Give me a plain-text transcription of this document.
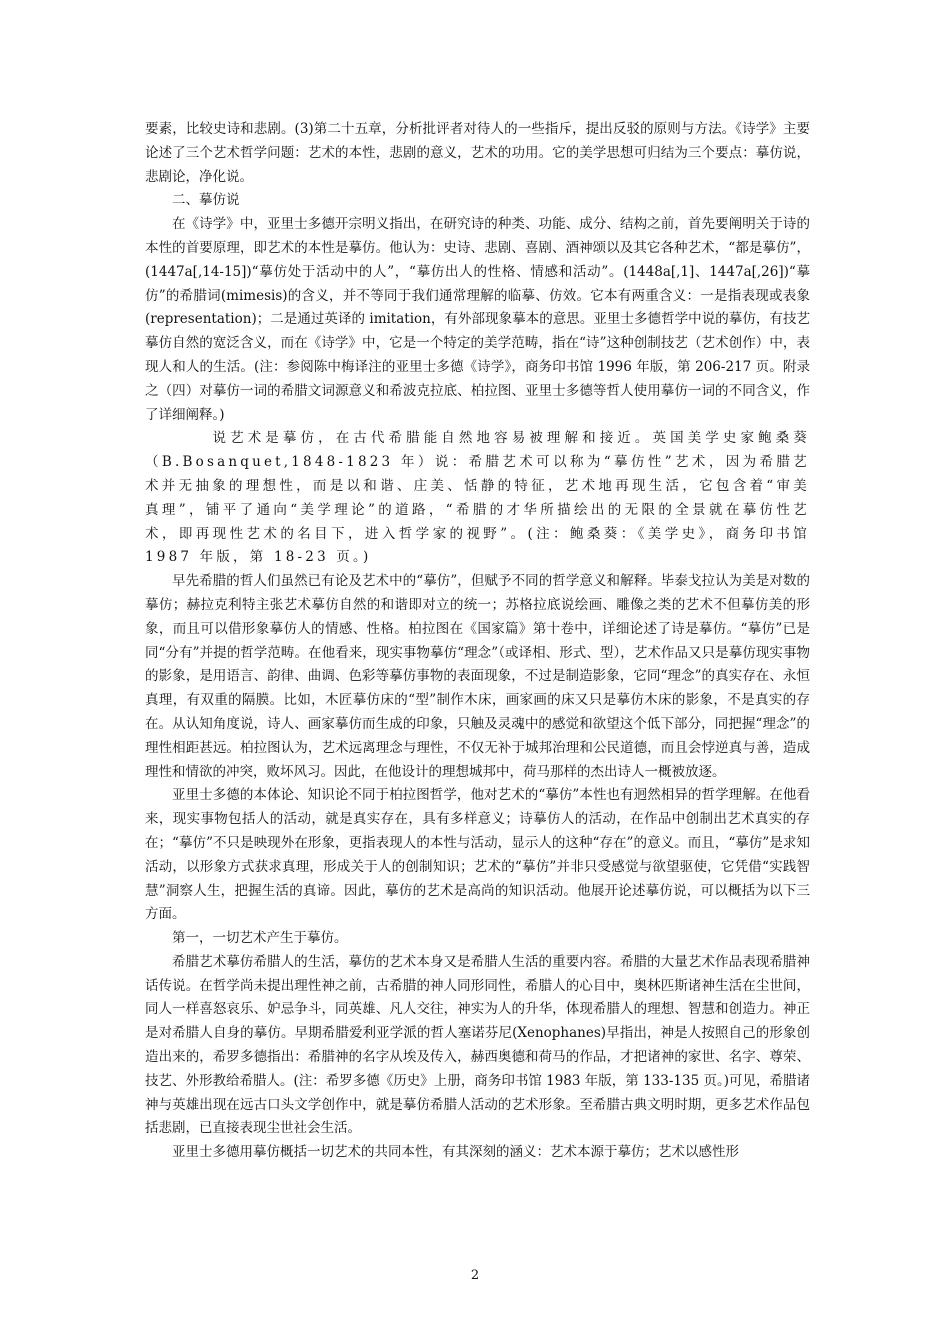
要素，比较史诗和悲剧。(3)第二十五章，分析批评者对待人的一些指斥，提出反驳的原则与方法。《诗学》主要论述了三个艺术哲学问题：艺术的本性，悲剧的意义，艺术的功用。它的美学思想可归结为三个要点：摹仿说，悲剧论，净化说。

二、摹仿说

在《诗学》中，亚里士多德开宗明义指出，在研究诗的种类、功能、成分、结构之前，首先要阐明关于诗的本性的首要原理，即艺术的本性是摹仿。他认为：史诗、悲剧、喜剧、酒神颂以及其它各种艺术，“都是摹仿”，(1447a[,14-15])“摹仿处于活动中的人”，“摹仿出人的性格、情感和活动”。(1448a[,1]、1447a[,26])“摹仿”的希腊词(mimesis)的含义，并不等同于我们通常理解的临摹、仿效。它本有两重含义：一是指表现或表象(representation)；二是通过英译的 imitation，有外部现象摹本的意思。亚里士多德哲学中说的摹仿，有技艺摹仿自然的宽泛含义，而在《诗学》中，它是一个特定的美学范畴，指在“诗”这种创制技艺（艺术创作）中，表现人和人的生活。(注：参阅陈中梅译注的亚里士多德《诗学》，商务印书馆 1996 年版，第 206-217 页。附录之（四）对摹仿一词的希腊文词源意义和希波克拉底、柏拉图、亚里士多德等哲人使用摹仿一词的不同含义，作了详细阐释。)

说艺术是摹仿，在古代希腊能自然地容易被理解和接近。英国美学史家鲍桑葵（B.Bosanquet,1848-1823 年）说：希腊艺术可以称为“摹仿性”艺术，因为希腊艺术并无抽象的理想性，而是以和谐、庄美、恬静的特征，艺术地再现生活，它包含着“审美真理”，铺平了通向“美学理论”的道路，“希腊的才华所描绘出的无限的全景就在摹仿性艺术，即再现性艺术的名目下，进入哲学家的视野”。(注：鲍桑葵：《美学史》，商务印书馆 1987 年版，第 18-23 页。)

早先希腊的哲人们虽然已有论及艺术中的“摹仿”，但赋予不同的哲学意义和解释。毕泰戈拉认为美是对数的摹仿；赫拉克利特主张艺术摹仿自然的和谐即对立的统一；苏格拉底说绘画、雕像之类的艺术不但摹仿美的形象，而且可以借形象摹仿人的情感、性格。柏拉图在《国家篇》第十卷中，详细论述了诗是摹仿。“摹仿”已是同“分有”并提的哲学范畴。在他看来，现实事物摹仿“理念”（或译相、形式、型），艺术作品又只是摹仿现实事物的影象，是用语言、韵律、曲调、色彩等摹仿事物的表面现象，不过是制造影象，它同“理念”的真实存在、永恒真理，有双重的隔膜。比如，木匠摹仿床的“型”制作木床，画家画的床又只是摹仿木床的影象，不是真实的存在。从认知角度说，诗人、画家摹仿而生成的印象，只触及灵魂中的感觉和欲望这个低下部分，同把握“理念”的理性相距甚远。柏拉图认为，艺术远离理念与理性，不仅无补于城邦治理和公民道德，而且会悖逆真与善，造成理性和情欲的冲突，败坏风习。因此，在他设计的理想城邦中，荷马那样的杰出诗人一概被放逐。

亚里士多德的本体论、知识论不同于柏拉图哲学，他对艺术的“摹仿”本性也有迥然相异的哲学理解。在他看来，现实事物包括人的活动，就是真实存在，具有多样意义；诗摹仿人的活动，在作品中创制出艺术真实的存在；“摹仿”不只是映现外在形象，更指表现人的本性与活动，显示人的这种“存在”的意义。而且，“摹仿”是求知活动，以形象方式获求真理，形成关于人的创制知识；艺术的“摹仿”并非只受感觉与欲望驱使，它凭借“实践智慧”洞察人生，把握生活的真谛。因此，摹仿的艺术是高尚的知识活动。他展开论述摹仿说，可以概括为以下三方面。

第一，一切艺术产生于摹仿。

希腊艺术摹仿希腊人的生活，摹仿的艺术本身又是希腊人生活的重要内容。希腊的大量艺术作品表现希腊神话传说。在哲学尚未提出理性神之前，古希腊的神人同形同性，希腊人的心目中，奥林匹斯诸神生活在尘世间，同人一样喜怒哀乐、妒忌争斗，同英雄、凡人交往，神实为人的升华，体现希腊人的理想、智慧和创造力。神正是对希腊人自身的摹仿。早期希腊爱利亚学派的哲人塞诺芬尼(Xenophanes)早指出，神是人按照自己的形象创造出来的，希罗多德指出：希腊神的名字从埃及传入，赫西奥德和荷马的作品，才把诸神的家世、名字、尊荣、技艺、外形教给希腊人。(注：希罗多德《历史》上册，商务印书馆 1983 年版，第 133-135 页。)可见，希腊诸神与英雄出现在远古口头文学创作中，就是摹仿希腊人活动的艺术形象。至希腊古典文明时期，更多艺术作品包括悲剧，已直接表现尘世社会生活。

亚里士多德用摹仿概括一切艺术的共同本性，有其深刻的涵义：艺术本源于摹仿；艺术以感性形

2
